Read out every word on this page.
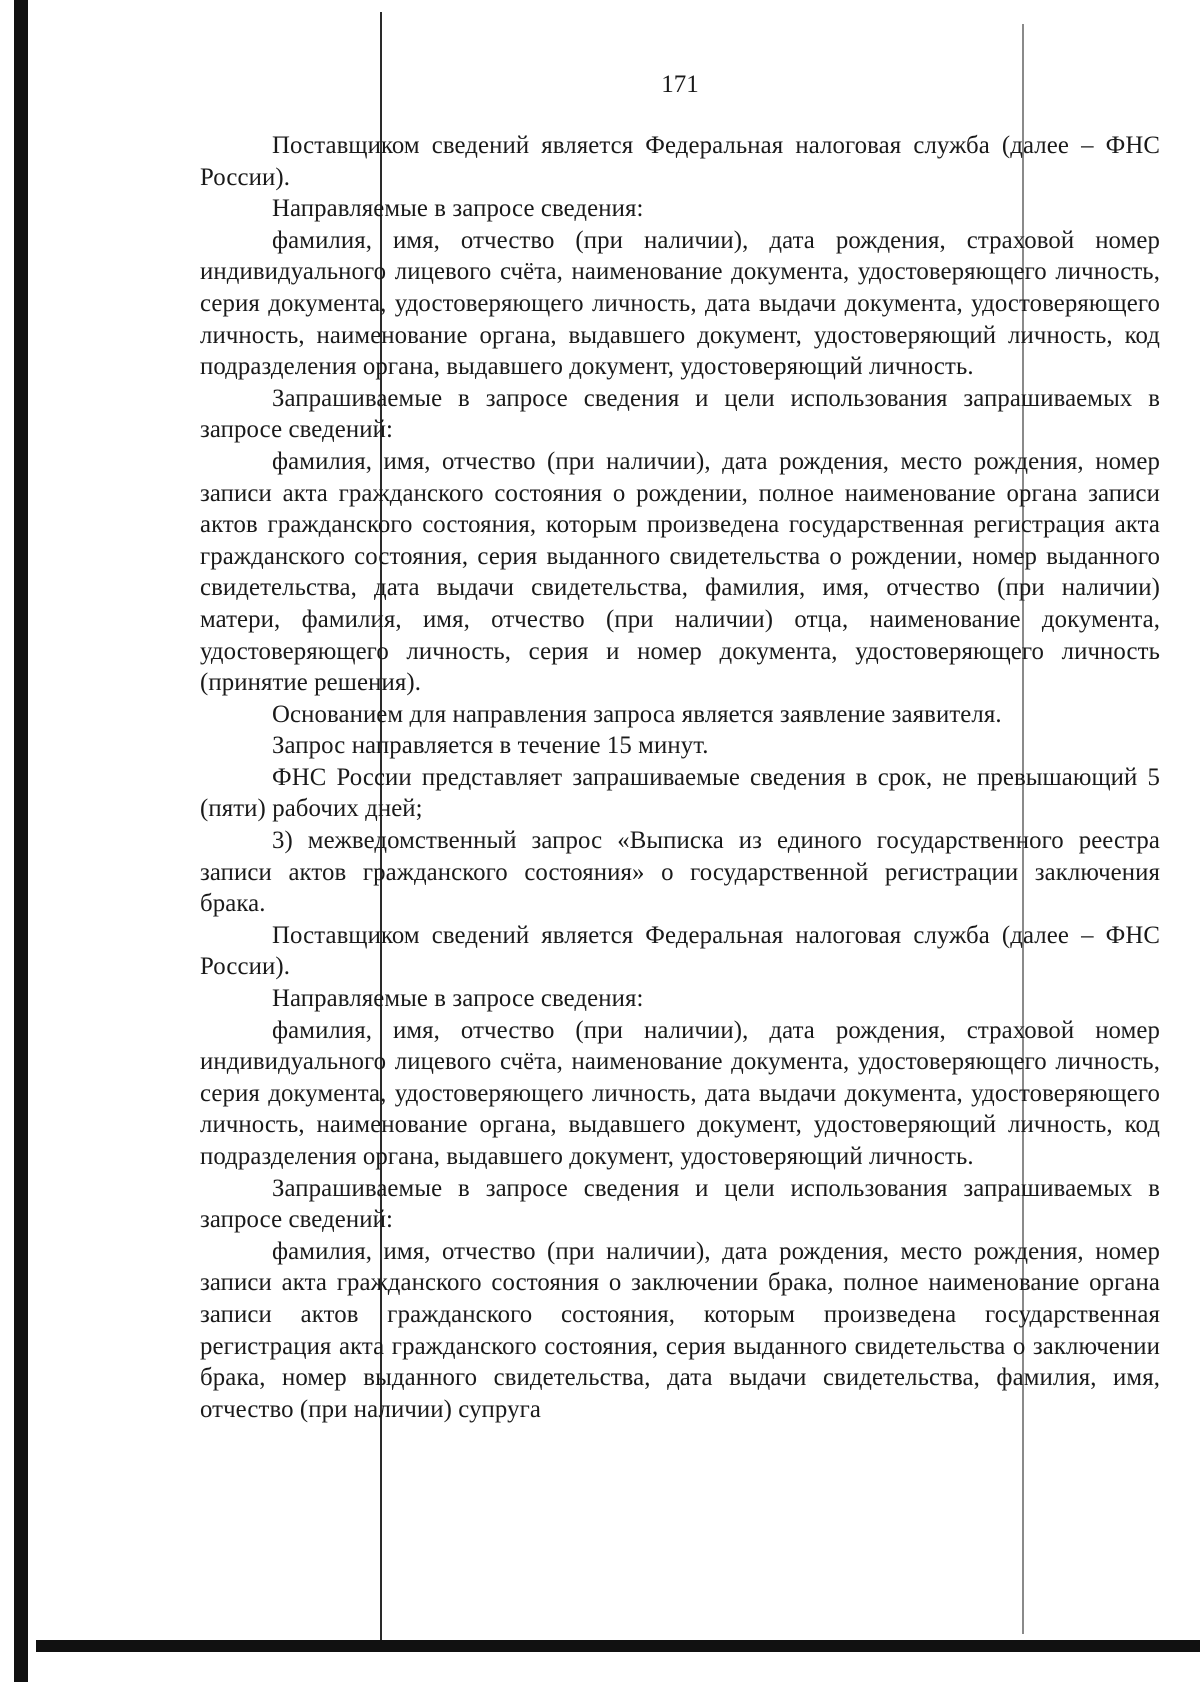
171

Поставщиком сведений является Федеральная налоговая служба (далее – ФНС России).

Направляемые в запросе сведения:

фамилия, имя, отчество (при наличии), дата рождения, страховой номер индивидуального лицевого счёта, наименование документа, удостоверяющего личность, серия документа, удостоверяющего личность, дата выдачи документа, удостоверяющего личность, наименование органа, выдавшего документ, удостоверяющий личность, код подразделения органа, выдавшего документ, удостоверяющий личность.

Запрашиваемые в запросе сведения и цели использования запрашиваемых в запросе сведений:

фамилия, имя, отчество (при наличии), дата рождения, место рождения, номер записи акта гражданского состояния о рождении, полное наименование органа записи актов гражданского состояния, которым произведена государственная регистрация акта гражданского состояния, серия выданного свидетельства о рождении, номер выданного свидетельства, дата выдачи свидетельства, фамилия, имя, отчество (при наличии) матери, фамилия, имя, отчество (при наличии) отца, наименование документа, удостоверяющего личность, серия и номер документа, удостоверяющего личность (принятие решения).

Основанием для направления запроса является заявление заявителя.

Запрос направляется в течение 15 минут.

ФНС России представляет запрашиваемые сведения в срок, не превышающий 5 (пяти) рабочих дней;

3) межведомственный запрос «Выписка из единого государственного реестра записи актов гражданского состояния» о государственной регистрации заключения брака.

Поставщиком сведений является Федеральная налоговая служба (далее – ФНС России).

Направляемые в запросе сведения:

фамилия, имя, отчество (при наличии), дата рождения, страховой номер индивидуального лицевого счёта, наименование документа, удостоверяющего личность, серия документа, удостоверяющего личность, дата выдачи документа, удостоверяющего личность, наименование органа, выдавшего документ, удостоверяющий личность, код подразделения органа, выдавшего документ, удостоверяющий личность.

Запрашиваемые в запросе сведения и цели использования запрашиваемых в запросе сведений:

фамилия, имя, отчество (при наличии), дата рождения, место рождения, номер записи акта гражданского состояния о заключении брака, полное наименование органа записи актов гражданского состояния, которым произведена государственная регистрация акта гражданского состояния, серия выданного свидетельства о заключении брака, номер выданного свидетельства, дата выдачи свидетельства, фамилия, имя, отчество (при наличии) супруга
